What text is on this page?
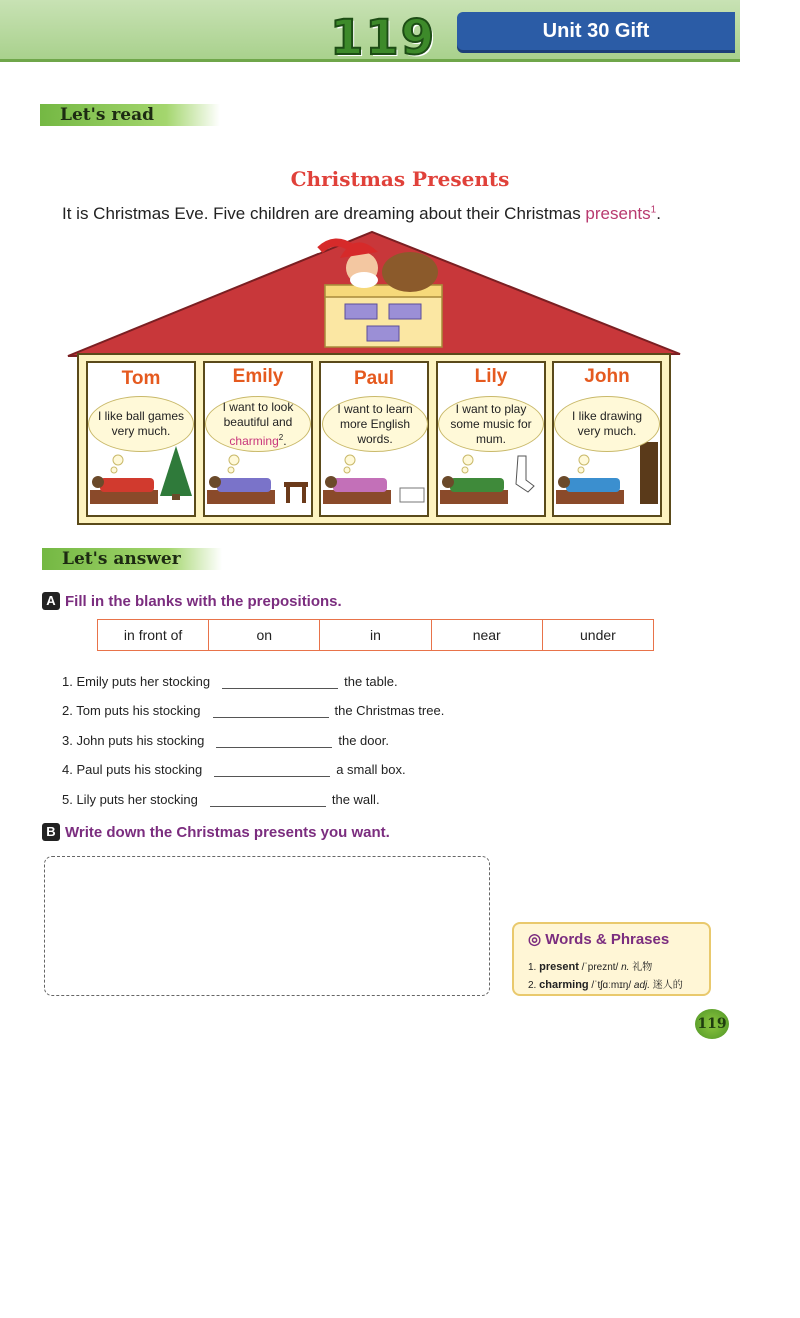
119	Unit 30 Gift
Let's read
Christmas Presents
It is Christmas Eve. Five children are dreaming about their Christmas presents$^1$.
Tom	Emily	Paul	Lily	John
I like ball games very much.
I want to look beautiful and charming$^2$.
I want to learn more English words.
I want to play some music for mum.
I like drawing very much.
Let's answer
A Fill in the blanks with the prepositions.
in front of	on	in	near	under
1. Emily puts her stocking	the table.
2. Tom puts his stocking	the Christmas tree.
3. John puts his stocking	the door.
4. Paul puts his stocking	a small box.
5. Lily puts her stocking	the wall.
B Write down the Christmas presents you want.
◎ Words & Phrases
1. present /ˈpreznt/ n. 礼物
2. charming /ˈtʃɑːmɪŋ/ adj. 迷人的
119
